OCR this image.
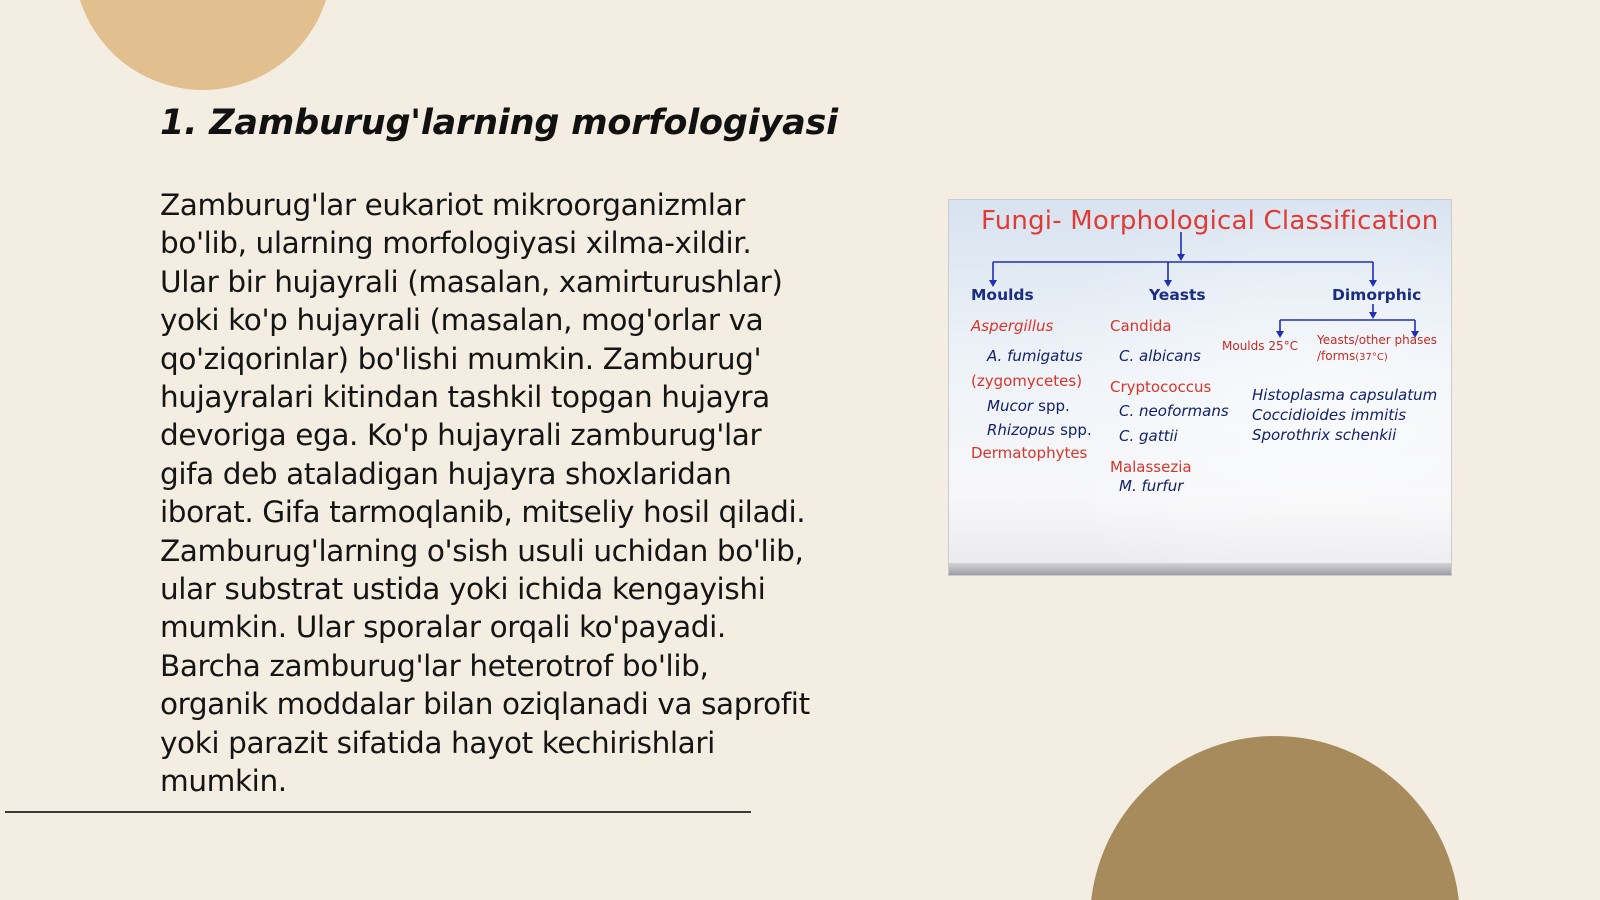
1. Zamburug'larning morfologiyasi
Zamburug'lar eukariot mikroorganizmlar
bo'lib, ularning morfologiyasi xilma-xildir.
Ular bir hujayrali (masalan, xamirturushlar)
yoki ko'p hujayrali (masalan, mog'orlar va
qo'ziqorinlar) bo'lishi mumkin. Zamburug'
hujayralari kitindan tashkil topgan hujayra
devoriga ega. Ko'p hujayrali zamburug'lar
gifa deb ataladigan hujayra shoxlaridan
iborat. Gifa tarmoqlanib, mitseliy hosil qiladi.
Zamburug'larning o'sish usuli uchidan bo'lib,
ular substrat ustida yoki ichida kengayishi
mumkin. Ular sporalar orqali ko'payadi.
Barcha zamburug'lar heterotrof bo'lib,
organik moddalar bilan oziqlanadi va saprofit
yoki parazit sifatida hayot kechirishlari
mumkin.
Fungi- Morphological Classification
Moulds	Yeasts	Dimorphic
Aspergillus
A. fumigatus
(zygomycetes)
Mucor spp.
Rhizopus spp.
Dermatophytes
Candida
C. albicans
Cryptococcus
C. neoformans
C. gattii
Malassezia
M. furfur
Moulds 25°C Yeasts/other phases
/forms(37°C)
Histoplasma capsulatum
Coccidioides immitis
Sporothrix schenkii
